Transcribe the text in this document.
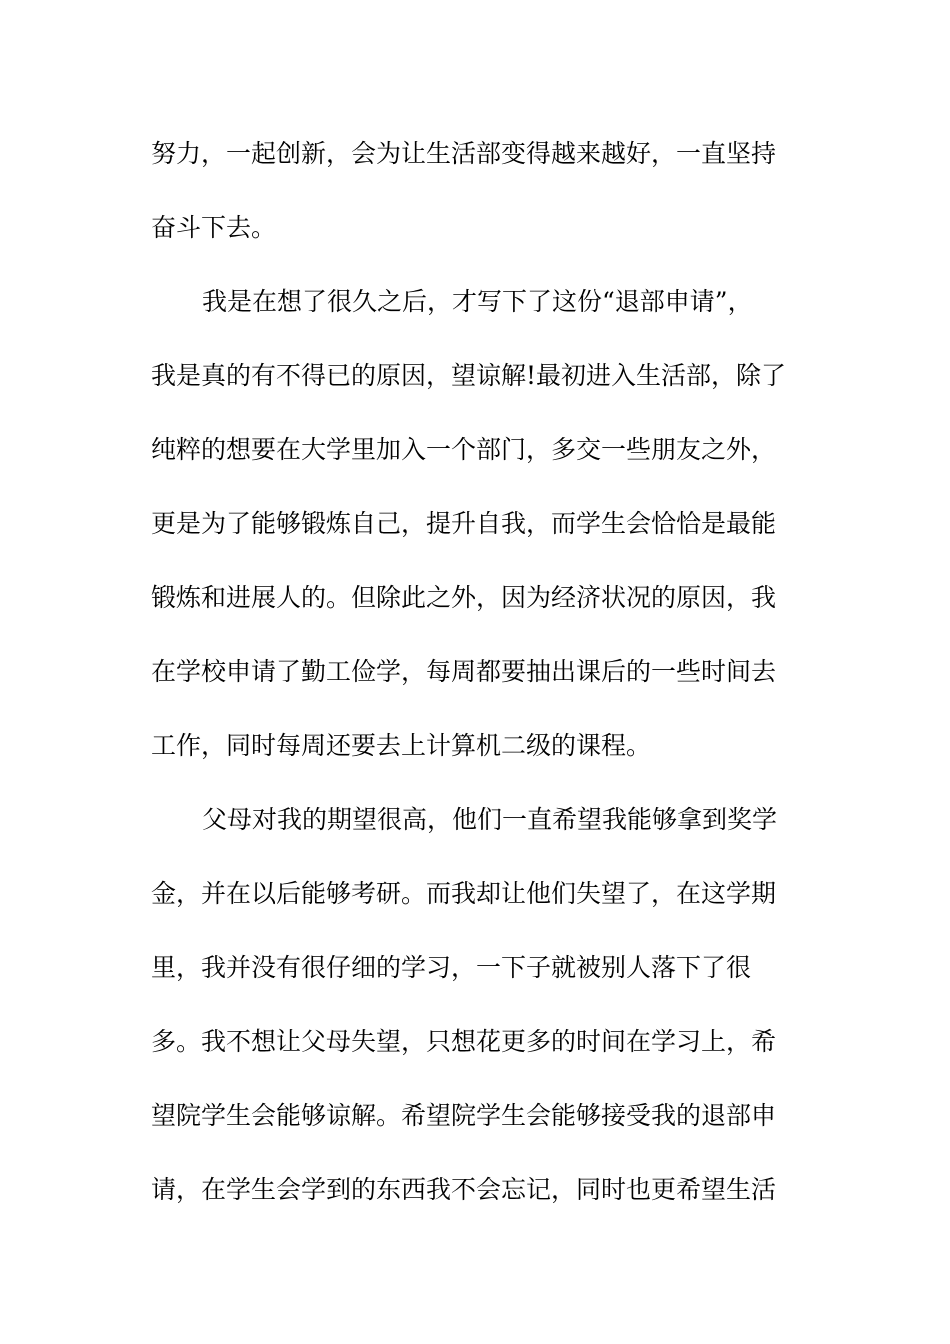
努力，一起创新，会为让生活部变得越来越好，一直坚持
奋斗下去。
我是在想了很久之后，才写下了这份“退部申请”，
我是真的有不得已的原因，望谅解!最初进入生活部，除了
纯粹的想要在大学里加入一个部门，多交一些朋友之外，
更是为了能够锻炼自己，提升自我，而学生会恰恰是最能
锻炼和进展人的。但除此之外，因为经济状况的原因，我
在学校申请了勤工俭学，每周都要抽出课后的一些时间去
工作，同时每周还要去上计算机二级的课程。
父母对我的期望很高，他们一直希望我能够拿到奖学
金，并在以后能够考研。而我却让他们失望了，在这学期
里，我并没有很仔细的学习，一下子就被别人落下了很
多。我不想让父母失望，只想花更多的时间在学习上，希
望院学生会能够谅解。希望院学生会能够接受我的退部申
请，在学生会学到的东西我不会忘记，同时也更希望生活
